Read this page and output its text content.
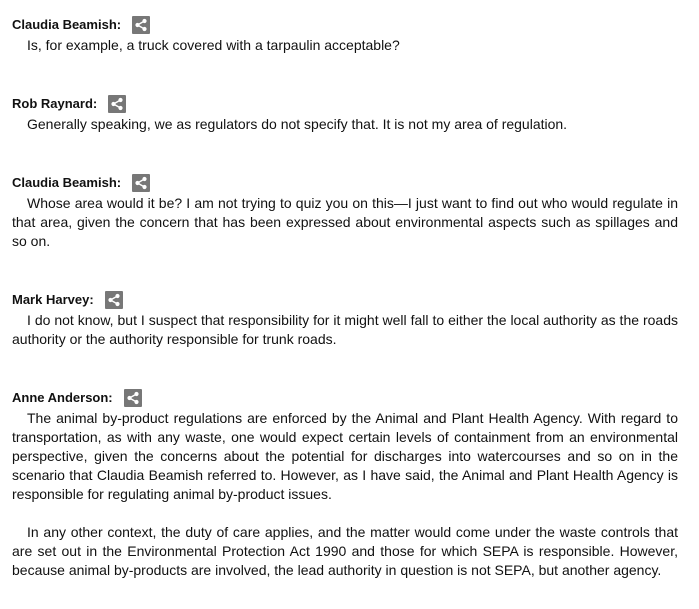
Claudia Beamish:

Is, for example, a truck covered with a tarpaulin acceptable?

Rob Raynard:

Generally speaking, we as regulators do not specify that. It is not my area of regulation.

Claudia Beamish:

Whose area would it be? I am not trying to quiz you on this—I just want to find out who would regulate in that area, given the concern that has been expressed about environmental aspects such as spillages and so on.

Mark Harvey:

I do not know, but I suspect that responsibility for it might well fall to either the local authority as the roads authority or the authority responsible for trunk roads.

Anne Anderson:

The animal by-product regulations are enforced by the Animal and Plant Health Agency. With regard to transportation, as with any waste, one would expect certain levels of containment from an environmental perspective, given the concerns about the potential for discharges into watercourses and so on in the scenario that Claudia Beamish referred to. However, as I have said, the Animal and Plant Health Agency is responsible for regulating animal by-product issues.

In any other context, the duty of care applies, and the matter would come under the waste controls that are set out in the Environmental Protection Act 1990 and those for which SEPA is responsible. However, because animal by-products are involved, the lead authority in question is not SEPA, but another agency.
